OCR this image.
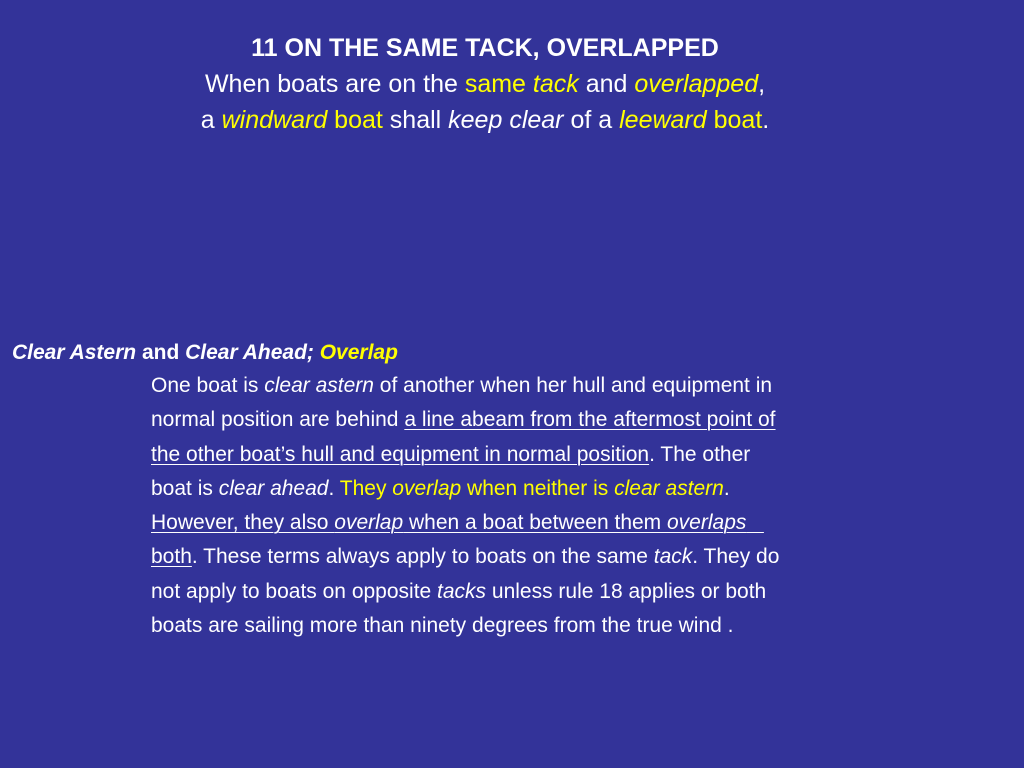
11 ON THE SAME TACK, OVERLAPPED
When boats are on the same tack and overlapped,
a windward boat shall keep clear of a leeward boat.
Clear Astern and Clear Ahead; Overlap
One boat is clear astern of another when her hull and equipment in
normal position are behind a line abeam from the aftermost point of
the other boat’s hull and equipment in normal position. The other
boat is clear ahead. They overlap when neither is clear astern.
However, they also overlap when a boat between them overlaps
both. These terms always apply to boats on the same tack. They do
not apply to boats on opposite tacks unless rule 18 applies or both
boats are sailing more than ninety degrees from the true wind .
